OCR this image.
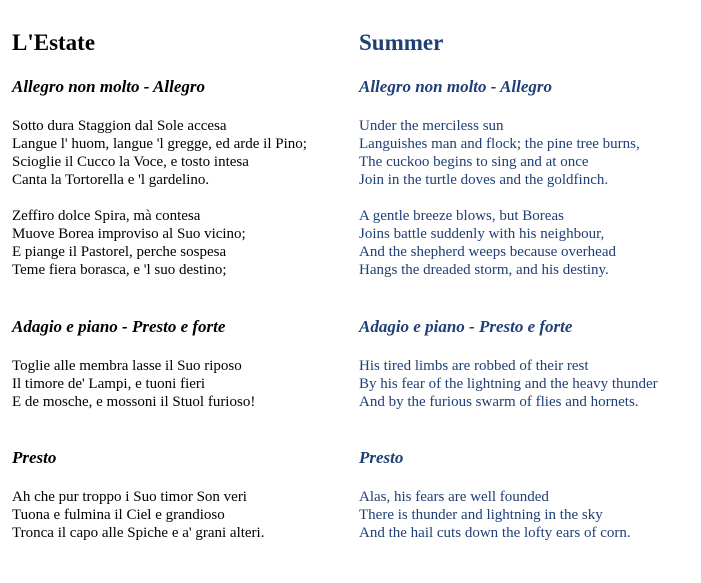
L'Estate
Allegro non molto - Allegro
Sotto dura Staggion dal Sole accesa
Langue l' huom, langue 'l gregge, ed arde il Pino;
Scioglie il Cucco la Voce, e tosto intesa
Canta la Tortorella e 'l gardelino.
Zeffiro dolce Spira, mà contesa
Muove Borea improviso al Suo vicino;
E piange il Pastorel, perche sospesa
Teme fiera borasca, e 'l suo destino;
Adagio e piano - Presto e forte
Toglie alle membra lasse il Suo riposo
Il timore de' Lampi, e tuoni fieri
E de mosche, e mossoni il Stuol furioso!
Presto
Ah che pur troppo i Suo timor Son veri
Tuona e fulmina il Ciel e grandioso
Tronca il capo alle Spiche e a' grani alteri.
Summer
Allegro non molto - Allegro
Under the merciless sun
Languishes man and flock; the pine tree burns,
The cuckoo begins to sing and at once
Join in the turtle doves and the goldfinch.
A gentle breeze blows, but Boreas
Joins battle suddenly with his neighbour,
And the shepherd weeps because overhead
Hangs the dreaded storm, and his destiny.
Adagio e piano - Presto e forte
His tired limbs are robbed of their rest
By his fear of the lightning and the heavy thunder
And by the furious swarm of flies and hornets.
Presto
Alas, his fears are well founded
There is thunder and lightning in the sky
And the hail cuts down the lofty ears of corn.
